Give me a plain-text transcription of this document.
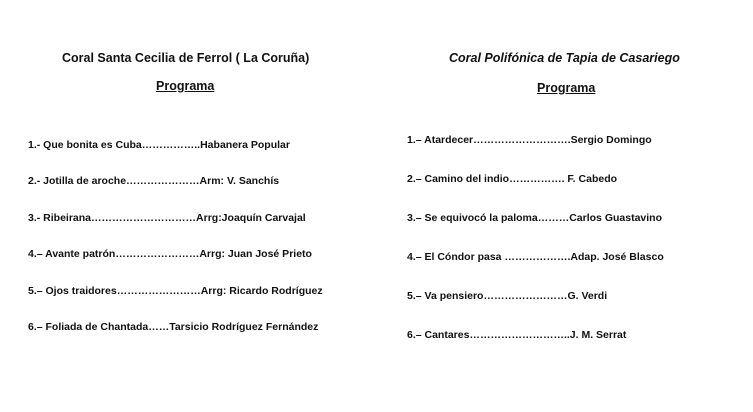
Coral Santa Cecilia de Ferrol ( La Coruña)
Programa
1.- Que bonita es Cuba……………..Habanera Popular
2.- Jotilla de aroche…………………Arm: V. Sanchís
3.- Ribeirana…………………………Arrg:Joaquín Carvajal
4.– Avante patrón……………………Arrg: Juan José Prieto
5.– Ojos traidores……………………Arrg: Ricardo Rodríguez
6.– Foliada de Chantada……Tarsicio Rodríguez Fernández
Coral Polifónica de Tapia de Casariego
Programa
1.– Atardecer……………………….Sergio Domingo
2.– Camino del indio……………. F. Cabedo
3.– Se equivocó la paloma………Carlos Guastavino
4.– El Cóndor pasa ……………….Adap. José Blasco
5.– Va pensiero……………………G. Verdi
6.– Cantares………………………..J. M. Serrat
